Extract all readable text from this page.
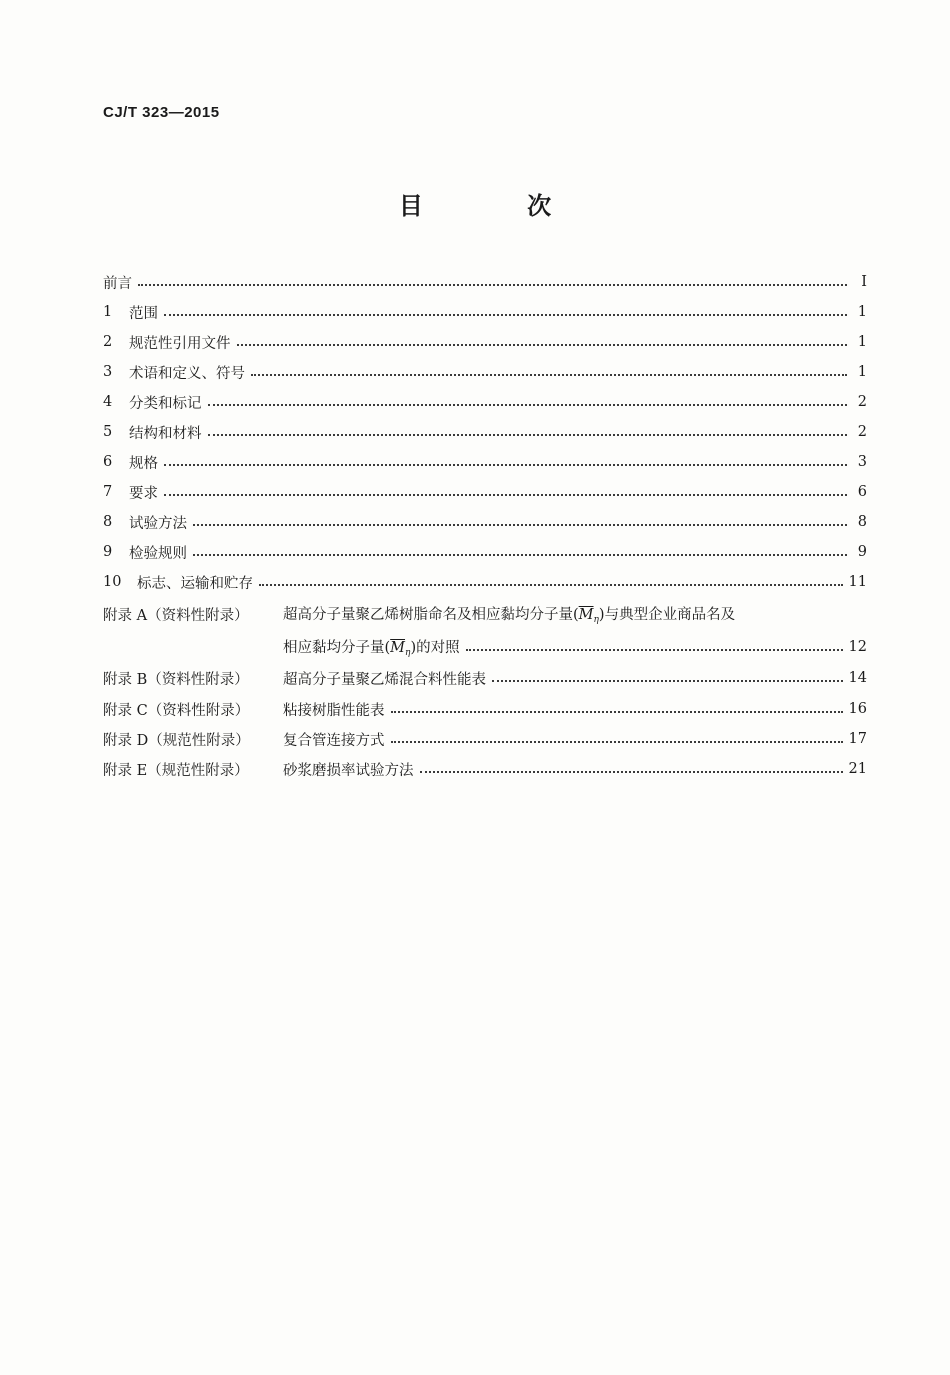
CJ/T 323—2015
目 次
前言	I
1	范围	1
2	规范性引用文件	1
3	术语和定义、符号	1
4	分类和标记	2
5	结构和材料	2
6	规格	3
7	要求	6
8	试验方法	8
9	检验规则	9
10	标志、运输和贮存	11
附录 A（资料性附录）	超高分子量聚乙烯树脂命名及相应黏均分子量$(\overline{M}_\eta)$与典型企业商品名及
相应黏均分子量$(\overline{M}_\eta)$的对照	12
附录 B（资料性附录）	超高分子量聚乙烯混合料性能表	14
附录 C（资料性附录）	粘接树脂性能表	16
附录 D（规范性附录）	复合管连接方式	17
附录 E（规范性附录）	砂浆磨损率试验方法	21
